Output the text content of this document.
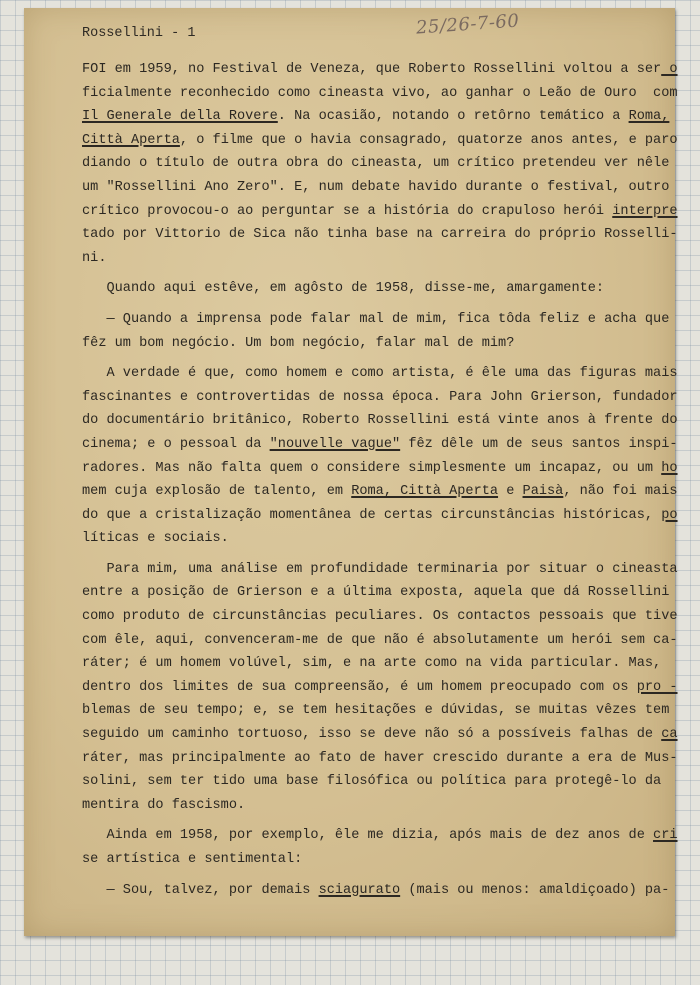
Rossellini - 1	25/26-7-60
FOI em 1959, no Festival de Veneza, que Roberto Rossellini voltou a ser o
ficialmente reconhecido como cineasta vivo, ao ganhar o Leão de Ouro  com
Il Generale della Rovere. Na ocasião, notando o retôrno temático a Roma,
Città Aperta, o filme que o havia consagrado, quatorze anos antes, e paro
diando o título de outra obra do cineasta, um crítico pretendeu ver nêle
um "Rossellini Ano Zero". E, num debate havido durante o festival, outro
crítico provocou-o ao perguntar se a história do crapuloso herói interpre
tado por Vittorio de Sica não tinha base na carreira do próprio Rosselli-
ni.
Quando aqui estêve, em agôsto de 1958, disse-me, amargamente:
— Quando a imprensa pode falar mal de mim, fica tôda feliz e acha que
fêz um bom negócio. Um bom negócio, falar mal de mim?
A verdade é que, como homem e como artista, é êle uma das figuras mais
fascinantes e controvertidas de nossa época. Para John Grierson, fundador
do documentário britânico, Roberto Rossellini está vinte anos à frente do
cinema; e o pessoal da "nouvelle vague" fêz dêle um de seus santos inspi-
radores. Mas não falta quem o considere simplesmente um incapaz, ou um ho
mem cuja explosão de talento, em Roma, Città Aperta e Paisà, não foi mais
do que a cristalização momentânea de certas circunstâncias históricas, po
líticas e sociais.
Para mim, uma análise em profundidade terminaria por situar o cineasta
entre a posição de Grierson e a última exposta, aquela que dá Rossellini
como produto de circunstâncias peculiares. Os contactos pessoais que tive
com êle, aqui, convenceram-me de que não é absolutamente um herói sem ca-
ráter; é um homem volúvel, sim, e na arte como na vida particular. Mas,
dentro dos limites de sua compreensão, é um homem preocupado com os pro -
blemas de seu tempo; e, se tem hesitações e dúvidas, se muitas vêzes tem
seguido um caminho tortuoso, isso se deve não só a possíveis falhas de ca
ráter, mas principalmente ao fato de haver crescido durante a era de Mus-
solini, sem ter tido uma base filosófica ou política para protegê-lo da
mentira do fascismo.
Ainda em 1958, por exemplo, êle me dizia, após mais de dez anos de cri
se artística e sentimental:
— Sou, talvez, por demais sciagurato (mais ou menos: amaldiçoado) pa-
